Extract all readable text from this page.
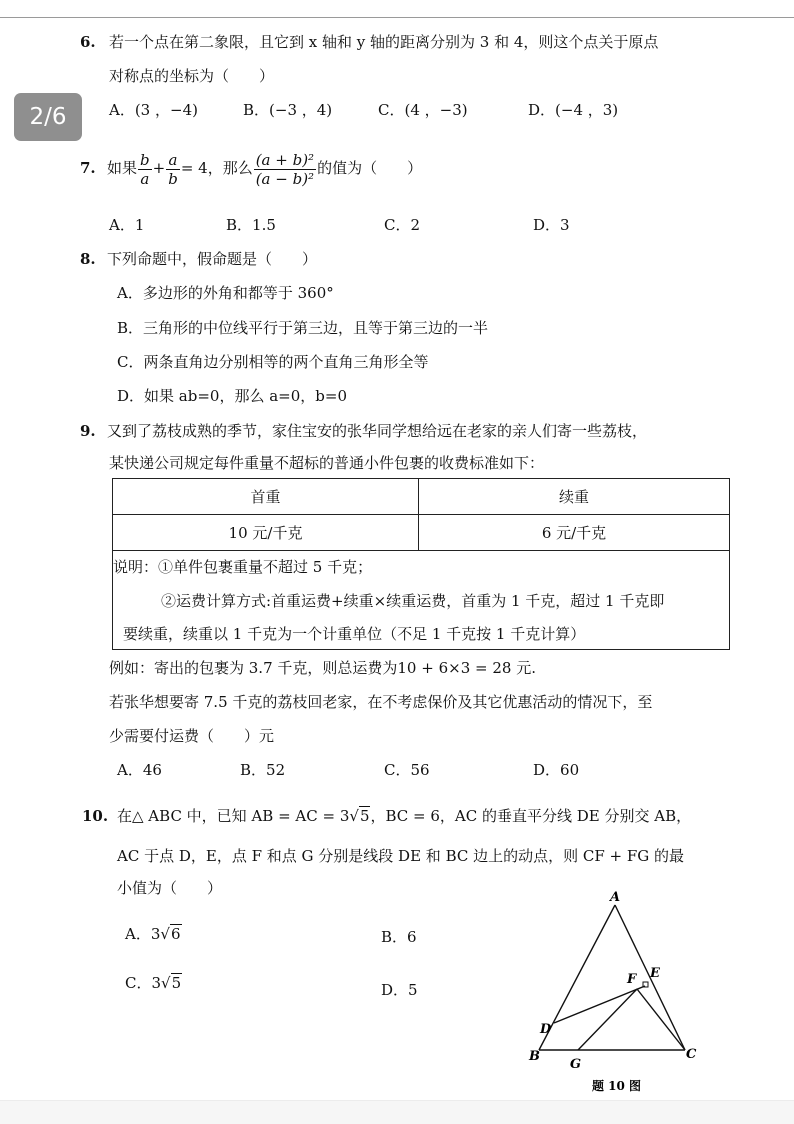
2/6
6. 若一个点在第二象限，且它到 x 轴和 y 轴的距离分别为 3 和 4，则这个点关于原点
对称点的坐标为（　　）
A．(3 ，−4)	B．(−3 ，4)	C．(4 ，−3)	D．(−4 ，3)
7. 如果 $\frac{b}{a} + \frac{a}{b} = 4$，那么 $\frac{\text{(a + b)²}}{\text{(a − b)²}}$ 的值为（　　）
A．1	B．1.5	C．2	D．3
8. 下列命题中，假命题是（　　）
A．多边形的外角和都等于 360°
B．三角形的中位线平行于第三边，且等于第三边的一半
C．两条直角边分别相等的两个直角三角形全等
D．如果 ab=0，那么 a=0，b=0
9. 又到了荔枝成熟的季节，家住宝安的张华同学想给远在老家的亲人们寄一些荔枝，
某快递公司规定每件重量不超标的普通小件包裹的收费标准如下：
首重	续重
10 元/千克	6 元/千克
说明：①单件包裹重量不超过 5 千克；
②运费计算方式:首重运费+续重×续重运费，首重为 1 千克，超过 1 千克即
要续重，续重以 1 千克为一个计重单位（不足 1 千克按 1 千克计算）
例如：寄出的包裹为 3.7 千克，则总运费为10 + 6×3 = 28 元.
若张华想要寄 7.5 千克的荔枝回老家，在不考虑保价及其它优惠活动的情况下，至
少需要付运费（　　）元
A．46	B．52	C．56	D．60
10. 在△ ABC 中，已知 AB = AC = 3√5，BC = 6，AC 的垂直平分线 DE 分别交 AB，
AC 于点 D，E，点 F 和点 G 分别是线段 DE 和 BC 边上的动点，则 CF + FG 的最
小值为（　　）
A．3√6	B．6
C．3√5	D．5
A
B	C
D
E
F
G
题 10 图
